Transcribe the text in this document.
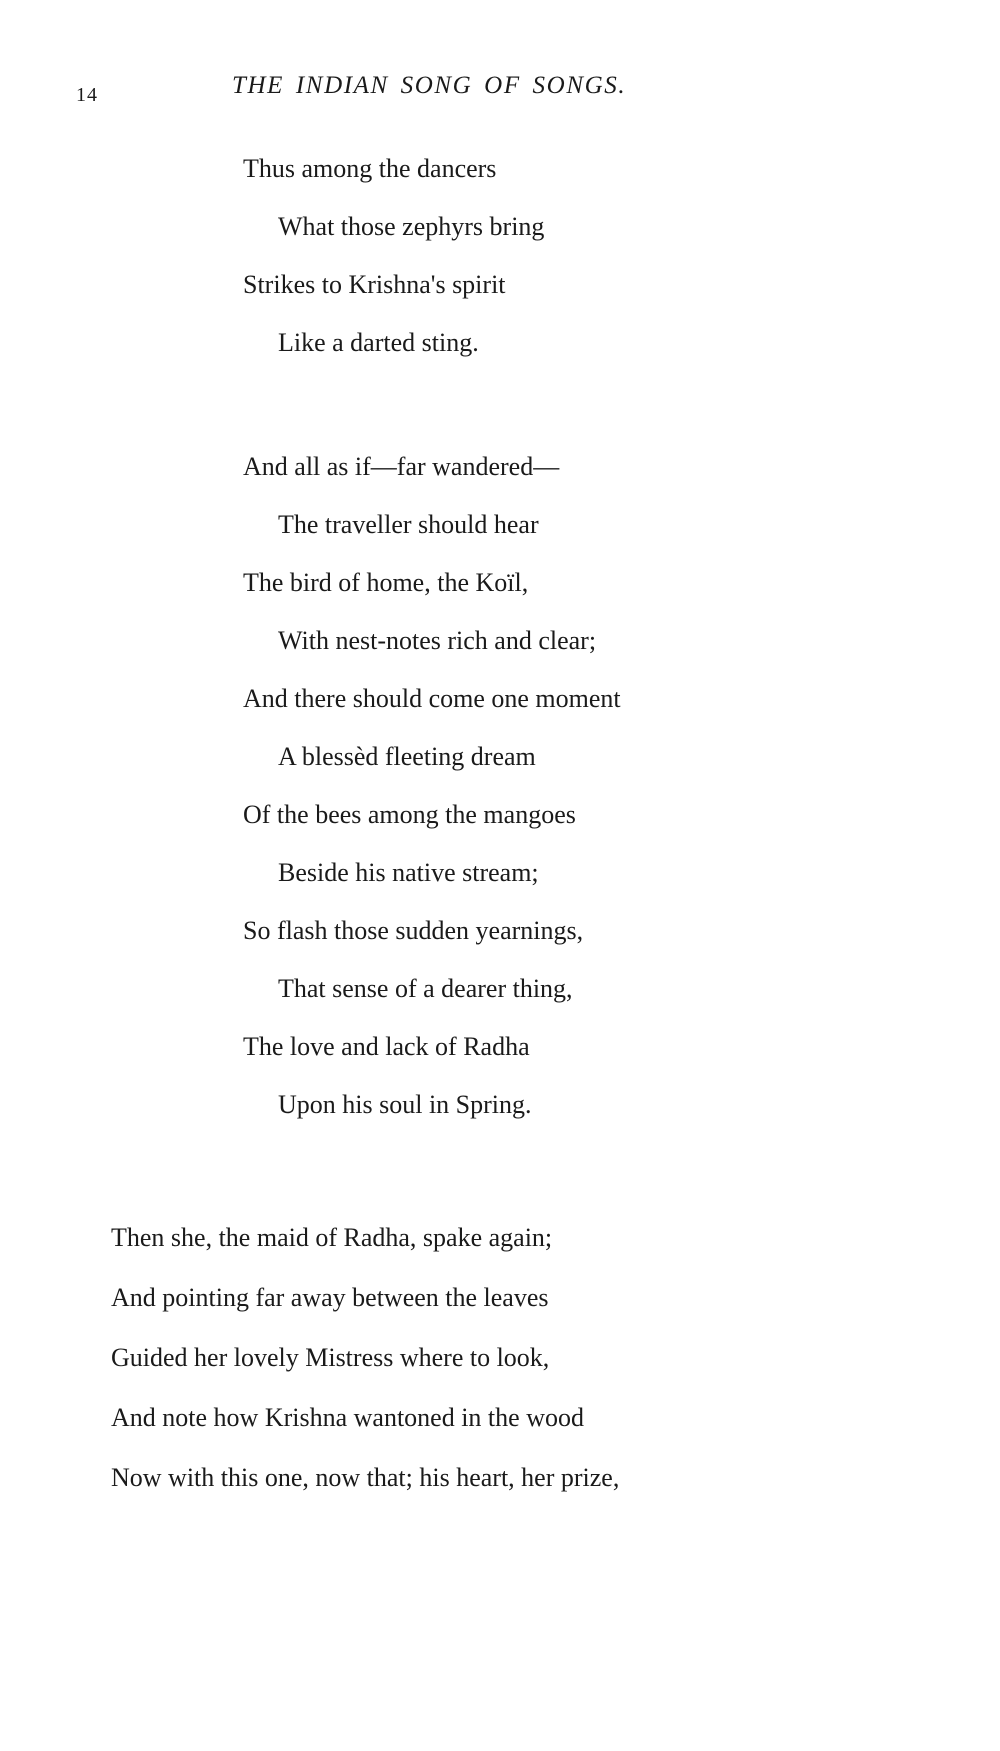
14	THE INDIAN SONG OF SONGS.
Thus among the dancers
What those zephyrs bring
Strikes to Krishna's spirit
Like a darted sting.
And all as if—far wandered—
The traveller should hear
The bird of home, the Koïl,
With nest-notes rich and clear;
And there should come one moment
A blessèd fleeting dream
Of the bees among the mangoes
Beside his native stream;
So flash those sudden yearnings,
That sense of a dearer thing,
The love and lack of Radha
Upon his soul in Spring.
Then she, the maid of Radha, spake again;
And pointing far away between the leaves
Guided her lovely Mistress where to look,
And note how Krishna wantoned in the wood
Now with this one, now that; his heart, her prize,
